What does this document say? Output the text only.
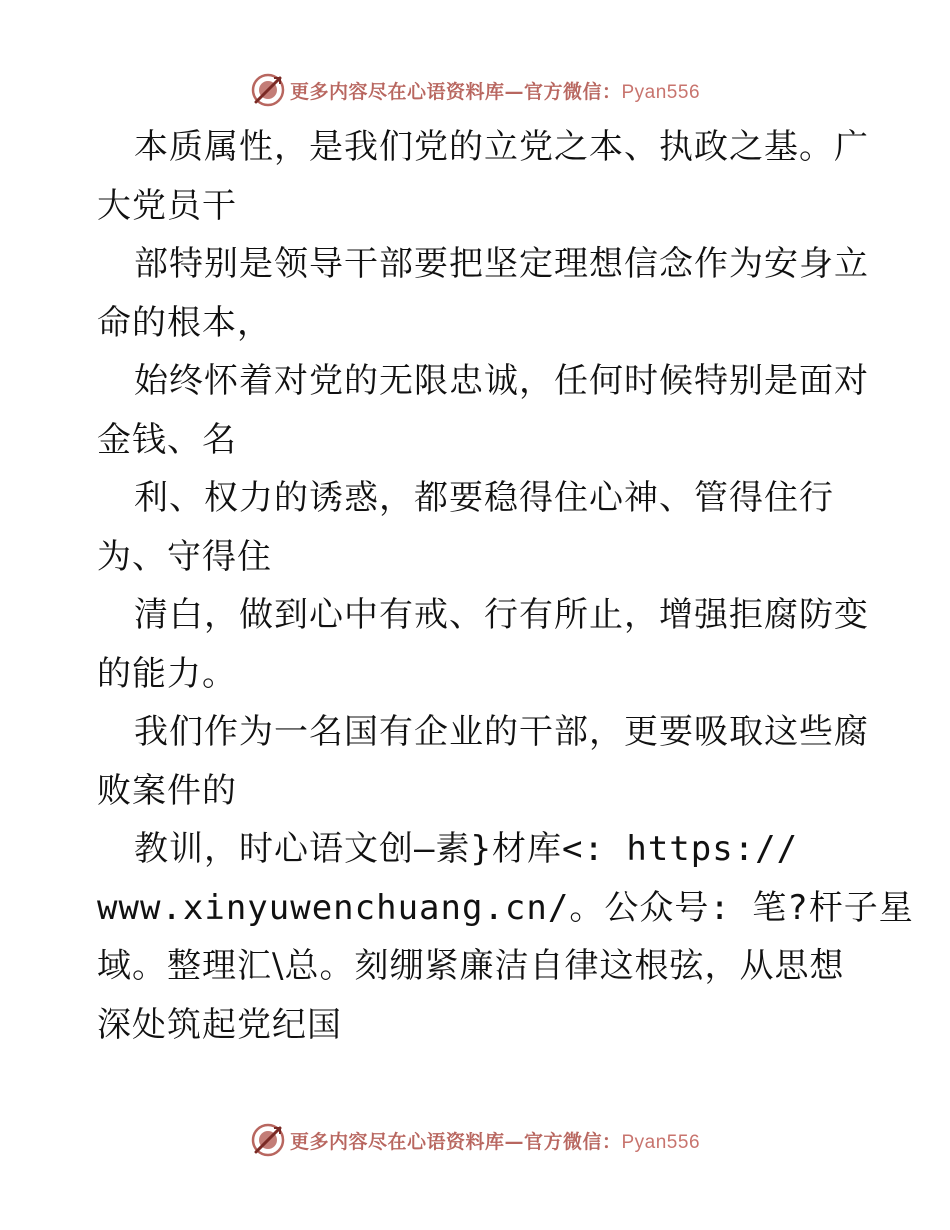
更多内容尽在心语资料库—官方微信：Pyan556
本质属性，是我们党的立党之本、执政之基。广
大党员干
部特别是领导干部要把坚定理想信念作为安身立
命的根本，
始终怀着对党的无限忠诚，任何时候特别是面对
金钱、名
利、权力的诱惑，都要稳得住心神、管得住行
为、守得住
清白，做到心中有戒、行有所止，增强拒腐防变
的能力。
我们作为一名国有企业的干部，更要吸取这些腐
败案件的
教训，时心语文创—素}材库<: https://
www.xinyuwenchuang.cn/。公众号: 笔?杆子星
域。整理汇\总。刻绷紧廉洁自律这根弦，从思想
深处筑起党纪国
更多内容尽在心语资料库—官方微信：Pyan556
